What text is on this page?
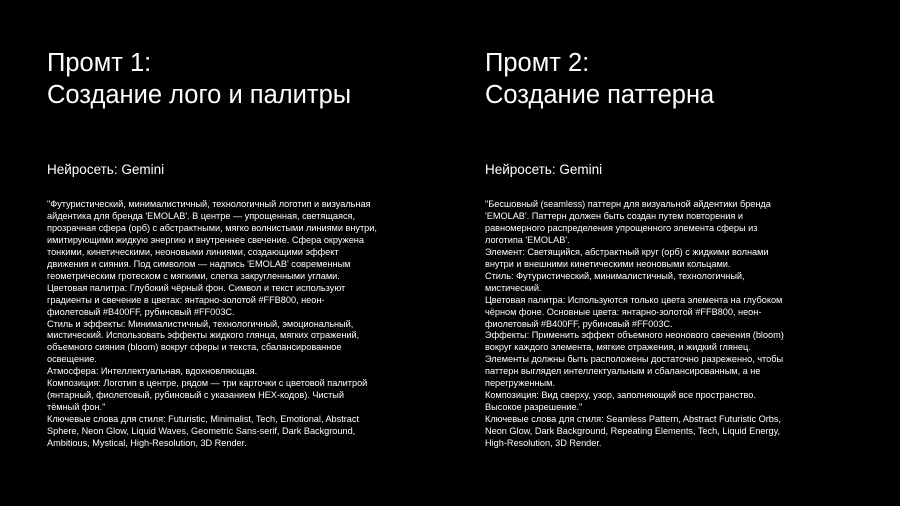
Промт 1:
Создание лого и палитры

Нейросеть: Gemini

"Футуристический, минималистичный, технологичный логотип и визуальная айдентика для бренда 'EMOLAB'. В центре — упрощенная, светящаяся, прозрачная сфера (орб) с абстрактными, мягко волнистыми линиями внутри, имитирующими жидкую энергию и внутреннее свечение. Сфера окружена тонкими, кинетическими, неоновыми линиями, создающими эффект движения и сияния. Под символом — надпись 'EMOLAB' современным геометрическим гротеском с мягкими, слегка закругленными углами.

Цветовая палитра: Глубокий чёрный фон. Символ и текст используют градиенты и свечение в цветах: янтарно-золотой #FFB800, неон-фиолетовый #B400FF, рубиновый #FF003C.

Стиль и эффекты: Минималистичный, технологичный, эмоциональный, мистический. Использовать эффекты жидкого глянца, мягких отражений, объемного сияния (bloom) вокруг сферы и текста, сбалансированное освещение.

Атмосфера: Интеллектуальная, вдохновляющая.

Композиция: Логотип в центре, рядом — три карточки с цветовой палитрой (янтарный, фиолетовый, рубиновый с указанием HEX-кодов). Чистый тёмный фон."

Ключевые слова для стиля: Futuristic, Minimalist, Tech, Emotional, Abstract Sphere, Neon Glow, Liquid Waves, Geometric Sans-serif, Dark Background, Ambitious, Mystical, High-Resolution, 3D Render.

Промт 2:
Создание паттерна

Нейросеть: Gemini

"Бесшовный (seamless) паттерн для визуальной айдентики бренда 'EMOLAB'. Паттерн должен быть создан путем повторения и равномерного распределения упрощенного элемента сферы из логотипа 'EMOLAB'.

Элемент: Светящийся, абстрактный круг (орб) с жидкими волнами внутри и внешними кинетическими неоновыми кольцами.

Стиль: Футуристический, минималистичный, технологичный, мистический.

Цветовая палитра: Используются только цвета элемента на глубоком чёрном фоне. Основные цвета: янтарно-золотой #FFB800, неон-фиолетовый #B400FF, рубиновый #FF003C.

Эффекты: Применить эффект объемного неонового свечения (bloom) вокруг каждого элемента, мягкие отражения, и жидкий глянец. Элементы должны быть расположены достаточно разреженно, чтобы паттерн выглядел интеллектуальным и сбалансированным, а не перегруженным.

Композиция: Вид сверху, узор, заполняющий все пространство. Высокое разрешение."

Ключевые слова для стиля: Seamless Pattern, Abstract Futuristic Orbs, Neon Glow, Dark Background, Repeating Elements, Tech, Liquid Energy, High-Resolution, 3D Render.
